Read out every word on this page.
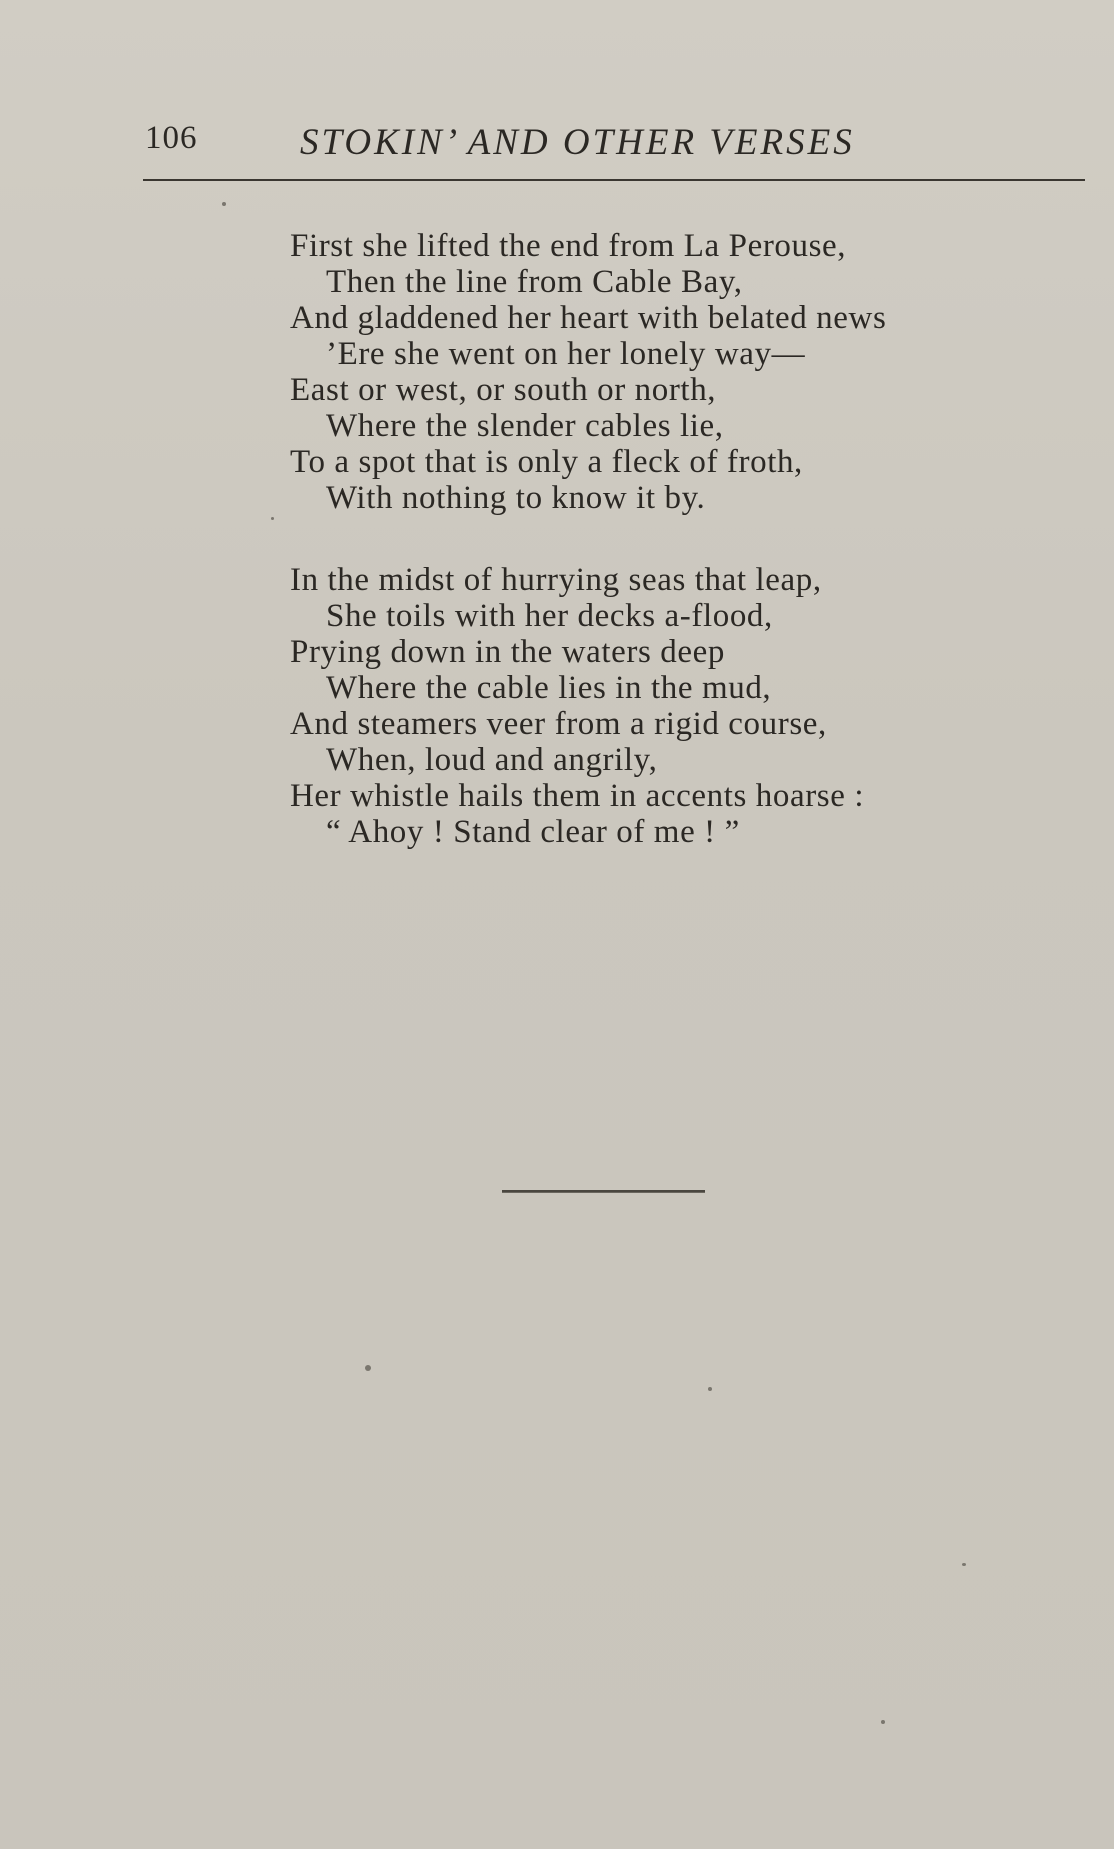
106	STOKIN’ AND OTHER VERSES
First she lifted the end from La Perouse,
Then the line from Cable Bay,
And gladdened her heart with belated news
’Ere she went on her lonely way—
East or west, or south or north,
Where the slender cables lie,
To a spot that is only a fleck of froth,
With nothing to know it by.
In the midst of hurrying seas that leap,
She toils with her decks a-flood,
Prying down in the waters deep
Where the cable lies in the mud,
And steamers veer from a rigid course,
When, loud and angrily,
Her whistle hails them in accents hoarse :
“ Ahoy ! Stand clear of me ! ”
